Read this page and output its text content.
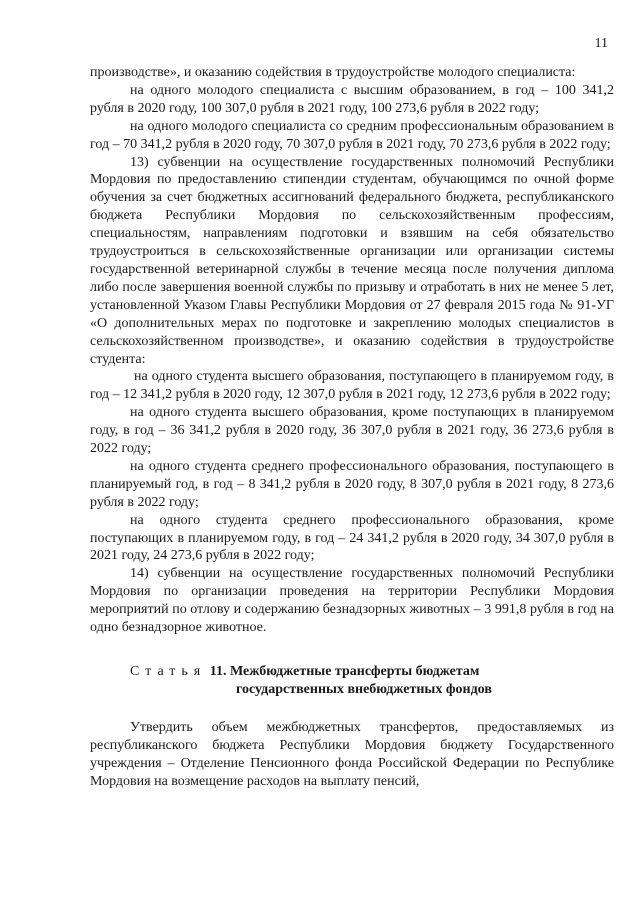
11

производстве», и оказанию содействия в трудоустройстве молодого специалиста:

на одного молодого специалиста с высшим образованием, в год – 100 341,2 рубля в 2020 году, 100 307,0 рубля в 2021 году, 100 273,6 рубля в 2022 году;

на одного молодого специалиста со средним профессиональным образованием в год – 70 341,2 рубля в 2020 году, 70 307,0 рубля в 2021 году, 70 273,6 рубля в 2022 году;

13) субвенции на осуществление государственных полномочий Республики Мордовия по предоставлению стипендии студентам, обучающимся по очной форме обучения за счет бюджетных ассигнований федерального бюджета, республиканского бюджета Республики Мордовия по сельскохозяйственным профессиям, специальностям, направлениям подготовки и взявшим на себя обязательство трудоустроиться в сельскохозяйственные организации или организации системы государственной ветеринарной службы в течение месяца после получения диплома либо после завершения военной службы по призыву и отработать в них не менее 5 лет, установленной Указом Главы Республики Мордовия от 27 февраля 2015 года № 91-УГ «О дополнительных мерах по подготовке и закреплению молодых специалистов в сельскохозяйственном производстве», и оказанию содействия в трудоустройстве студента:

на одного студента высшего образования, поступающего в планируемом году, в год – 12 341,2 рубля в 2020 году, 12 307,0 рубля в 2021 году, 12 273,6 рубля в 2022 году;

на одного студента высшего образования, кроме поступающих в планируемом году, в год – 36 341,2 рубля в 2020 году, 36 307,0 рубля в 2021 году, 36 273,6 рубля в 2022 году;

на одного студента среднего профессионального образования, поступающего в планируемый год, в год – 8 341,2 рубля в 2020 году, 8 307,0 рубля в 2021 году, 8 273,6 рубля в 2022 году;

на одного студента среднего профессионального образования, кроме поступающих в планируемом году, в год – 24 341,2 рубля в 2020 году, 34 307,0 рубля в 2021 году, 24 273,6 рубля в 2022 году;

14) субвенции на осуществление государственных полномочий Республики Мордовия по организации проведения на территории Республики Мордовия мероприятий по отлову и содержанию безнадзорных животных – 3 991,8 рубля в год на одно безнадзорное животное.

Статья 11. Межбюджетные трансферты бюджетам
государственных внебюджетных фондов

Утвердить объем межбюджетных трансфертов, предоставляемых из республиканского бюджета Республики Мордовия бюджету Государственного учреждения – Отделение Пенсионного фонда Российской Федерации по Республике Мордовия на возмещение расходов на выплату пенсий,
